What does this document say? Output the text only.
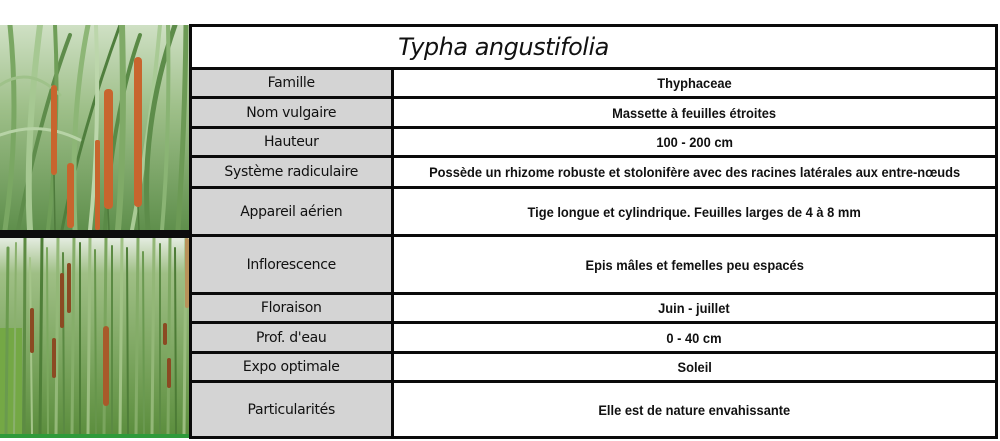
Typha angustifolia	
Famille	Thyphaceae
Nom vulgaire	Massette à feuilles étroites
Hauteur	100 - 200 cm
Système radiculaire	Possède un rhizome robuste et stolonifère avec des racines latérales aux entre-nœuds
Appareil aérien	Tige longue et cylindrique. Feuilles larges de 4 à 8 mm
Inflorescence	Epis mâles et femelles peu espacés
Floraison	Juin - juillet
Prof. d'eau	0 - 40 cm
Expo optimale	Soleil
Particularités	Elle est de nature envahissante
